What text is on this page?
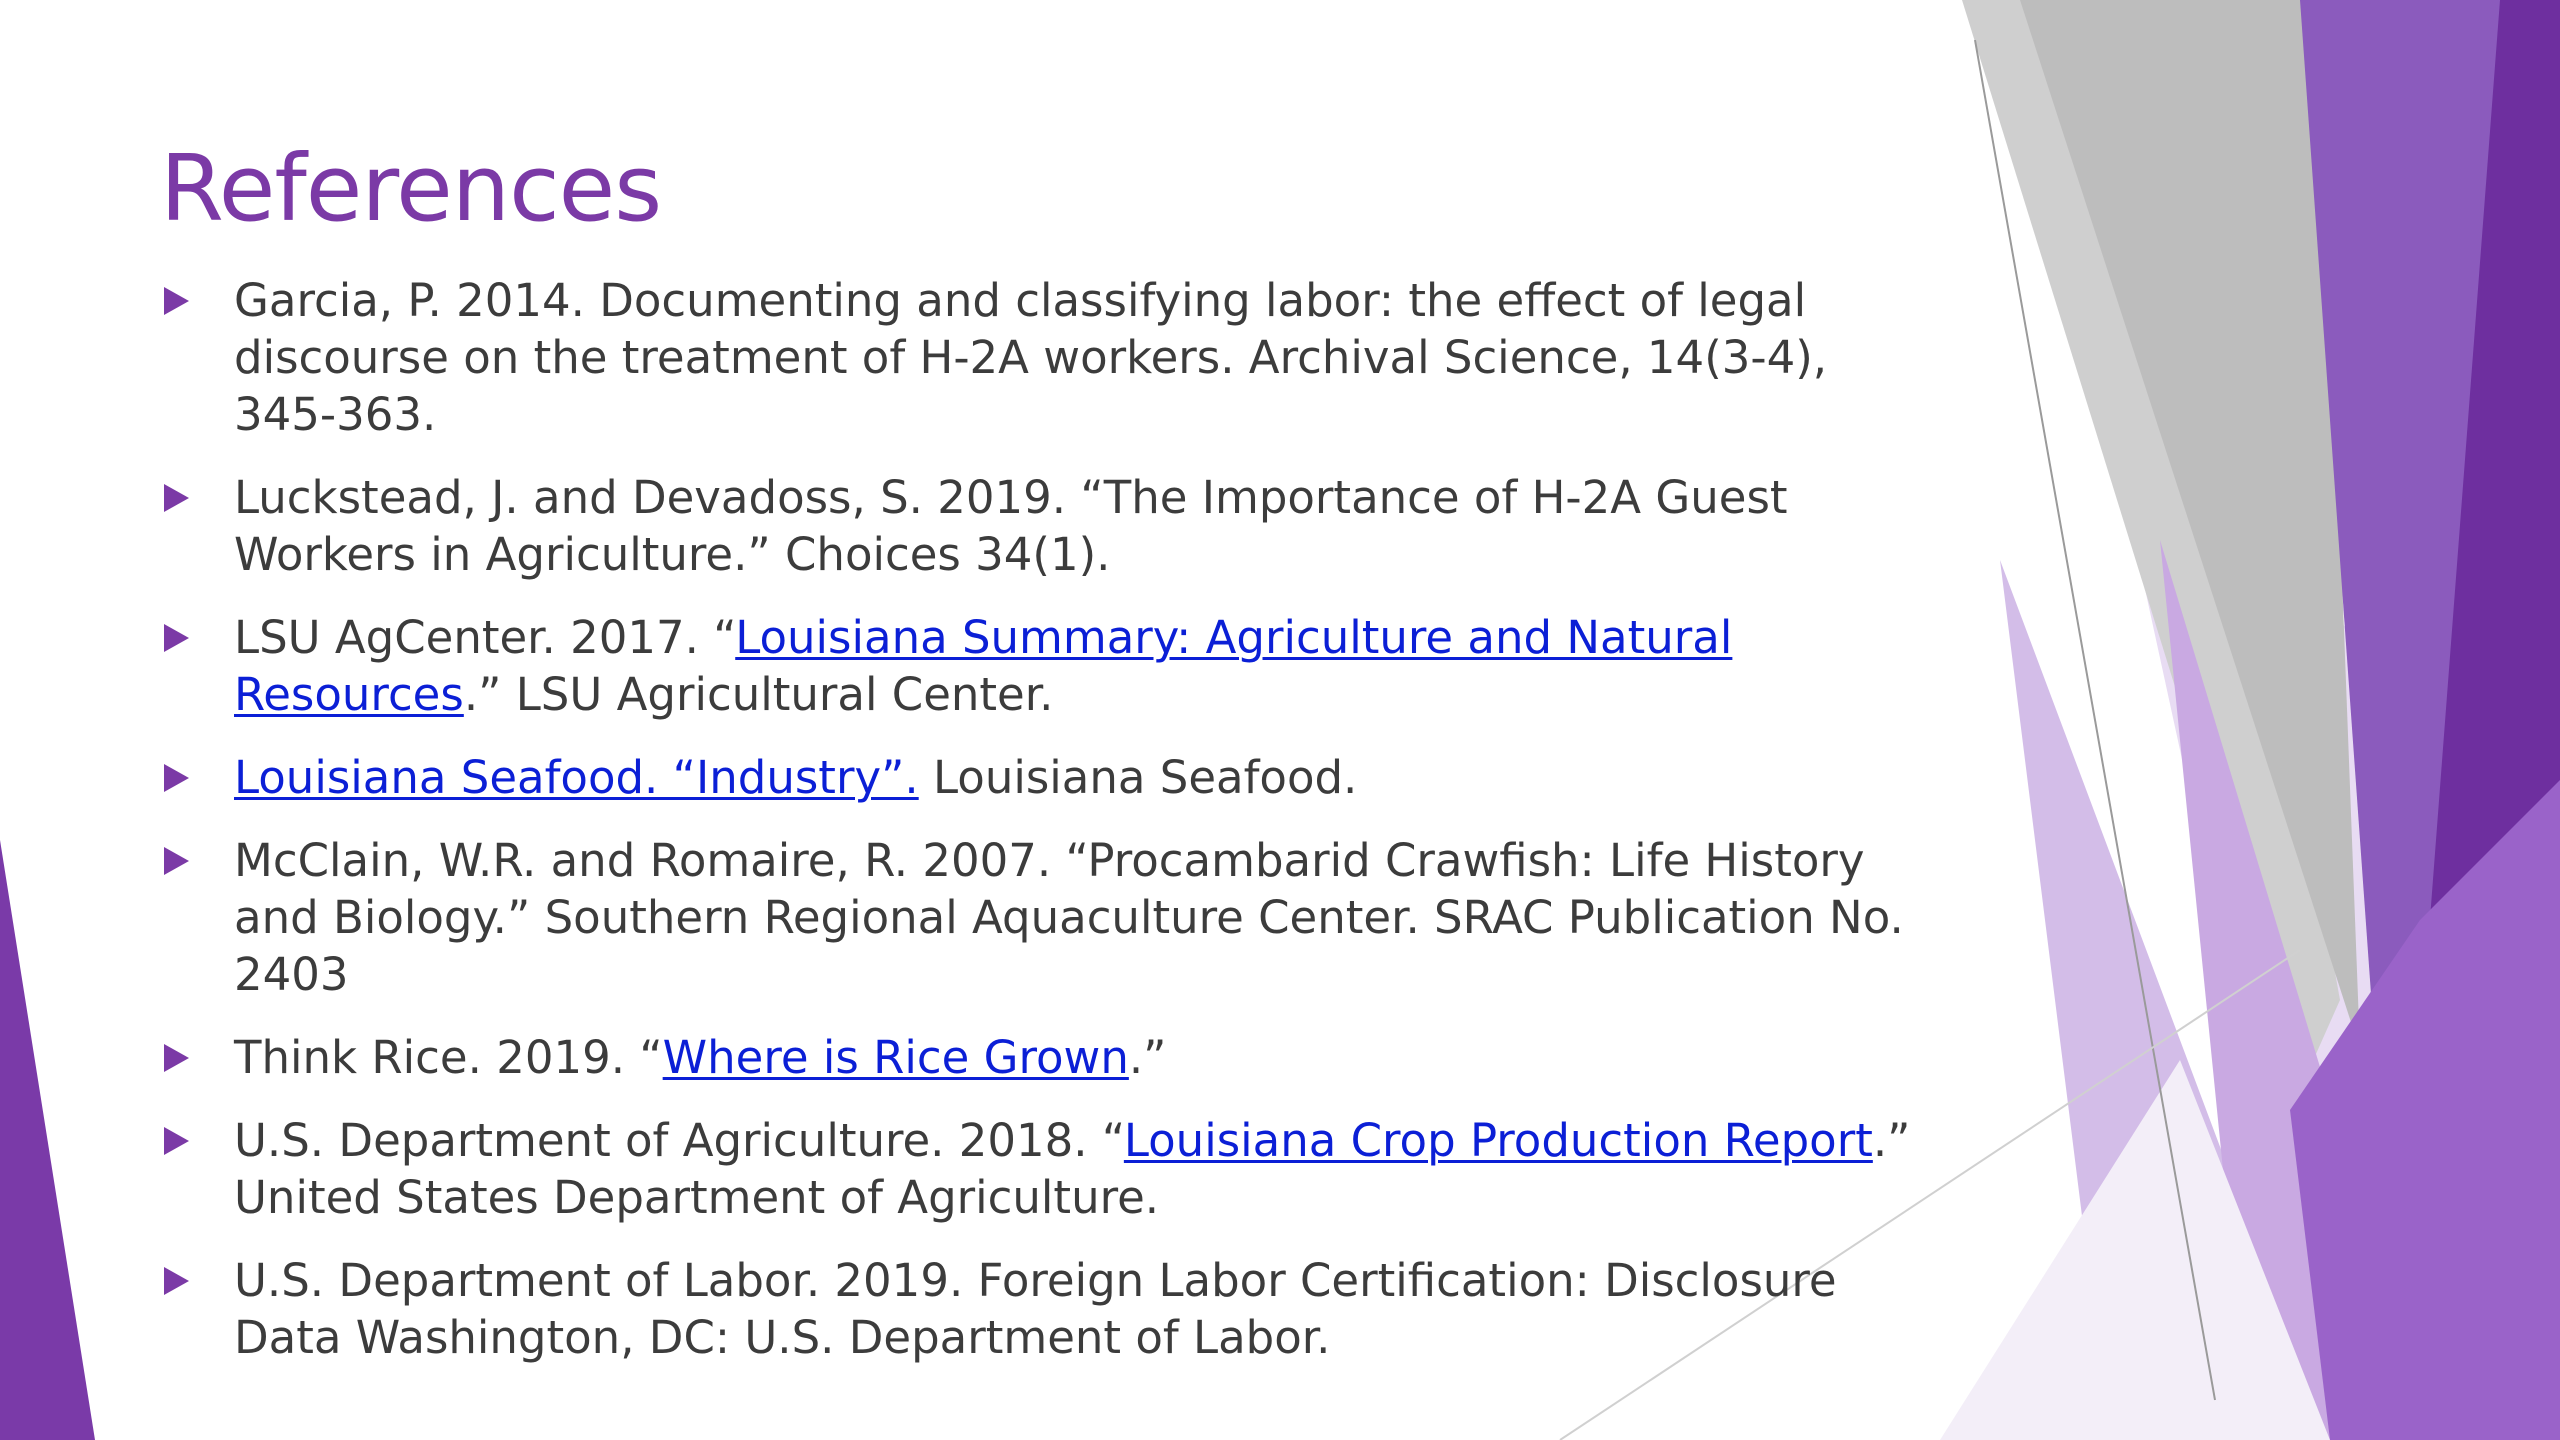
References
Garcia, P. 2014. Documenting and classifying labor: the effect of legal discourse on the treatment of H-2A workers. Archival Science, 14(3-4), 345-363.
Luckstead, J. and Devadoss, S. 2019. “The Importance of H-2A Guest Workers in Agriculture.” Choices 34(1).
LSU AgCenter. 2017. “Louisiana Summary: Agriculture and Natural Resources.” LSU Agricultural Center.
Louisiana Seafood. “Industry”. Louisiana Seafood.
McClain, W.R. and Romaire, R. 2007. “Procambarid Crawfish: Life History and Biology.” Southern Regional Aquaculture Center. SRAC Publication No. 2403
Think Rice. 2019. “Where is Rice Grown.”
U.S. Department of Agriculture. 2018. “Louisiana Crop Production Report.” United States Department of Agriculture.
U.S. Department of Labor. 2019. Foreign Labor Certification: Disclosure Data Washington, DC: U.S. Department of Labor.
